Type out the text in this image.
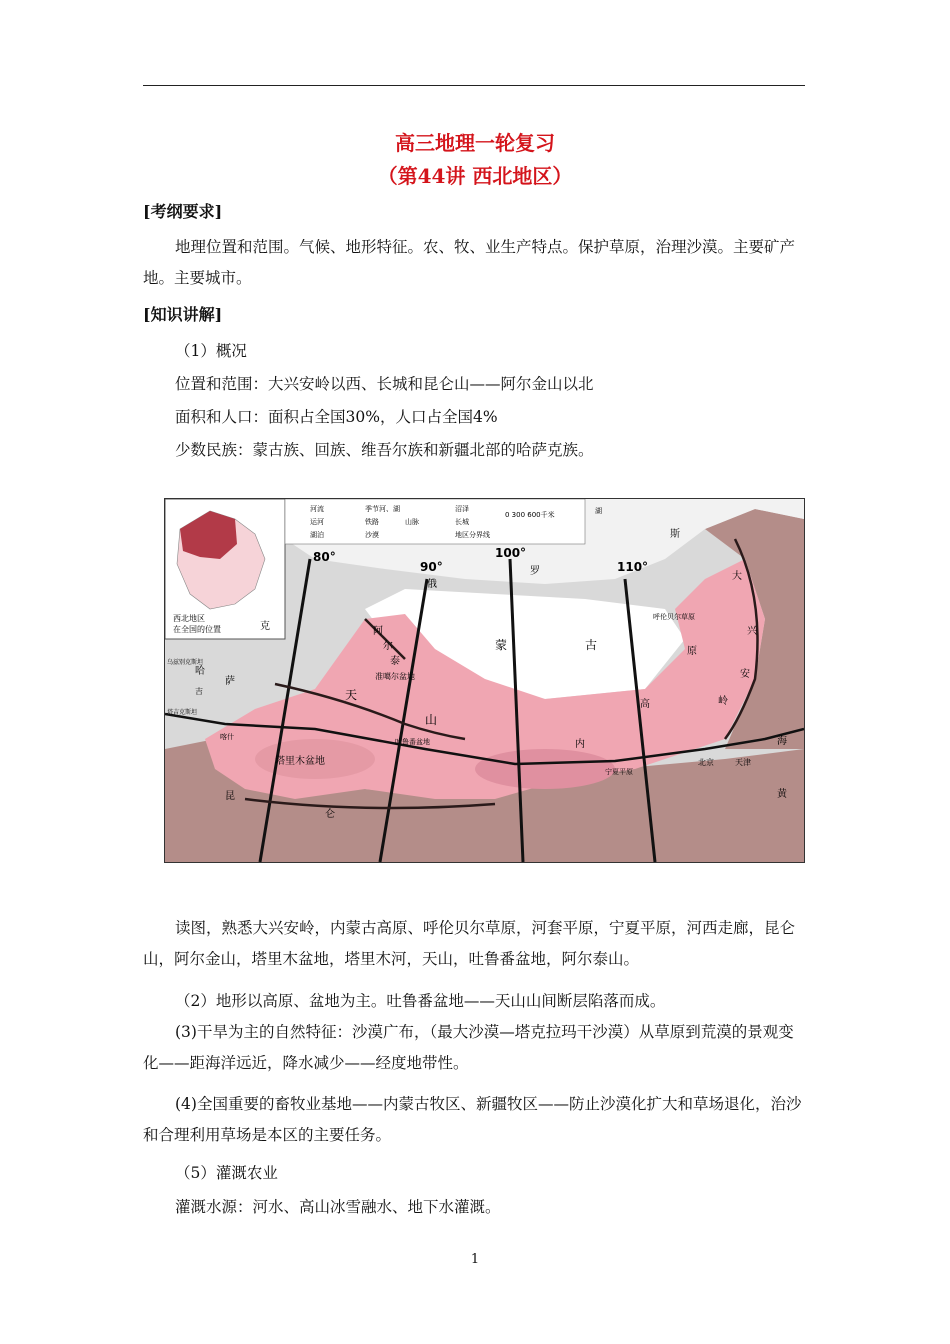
高三地理一轮复习
（第44讲 西北地区）
[考纲要求]
地理位置和范围。气候、地形特征。农、牧、业生产特点。保护草原，治理沙漠。主要矿产地。主要城市。
[知识讲解]
（1）概况
位置和范围：大兴安岭以西、长城和昆仑山——阿尔金山以北
面积和人口：面积占全国30%，人口占全国4%
少数民族：蒙古族、回族、维吾尔族和新疆北部的哈萨克族。
西北地区
在全国的位置
河流	季节河、湖	沼泽
运河	铁路	山脉	长城
湖泊	沙漠	地区分界线
0 300 600千米	湖
80°
90°
100°
110°
俄
罗
斯
蒙	古
哈
萨
克
吉	天
山
阿
尔
泰
准噶尔盆地
塔里木盆地
吐鲁番盆地
昆
仑
大
兴
安
岭
高
原
呼伦贝尔草原
内
北京	天津
海
黄
乌兹别克斯坦
塔吉克斯坦
喀什
宁夏平原
读图，熟悉大兴安岭，内蒙古高原、呼伦贝尔草原，河套平原，宁夏平原，河西走廊，昆仑山，阿尔金山，塔里木盆地，塔里木河，天山，吐鲁番盆地，阿尔泰山。
（2）地形以高原、盆地为主。吐鲁番盆地——天山山间断层陷落而成。
(3)干旱为主的自然特征：沙漠广布，（最大沙漠—塔克拉玛干沙漠）从草原到荒漠的景观变化——距海洋远近，降水减少——经度地带性。
(4)全国重要的畜牧业基地——内蒙古牧区、新疆牧区——防止沙漠化扩大和草场退化，治沙和合理利用草场是本区的主要任务。
（5）灌溉农业
灌溉水源：河水、高山冰雪融水、地下水灌溉。
1
